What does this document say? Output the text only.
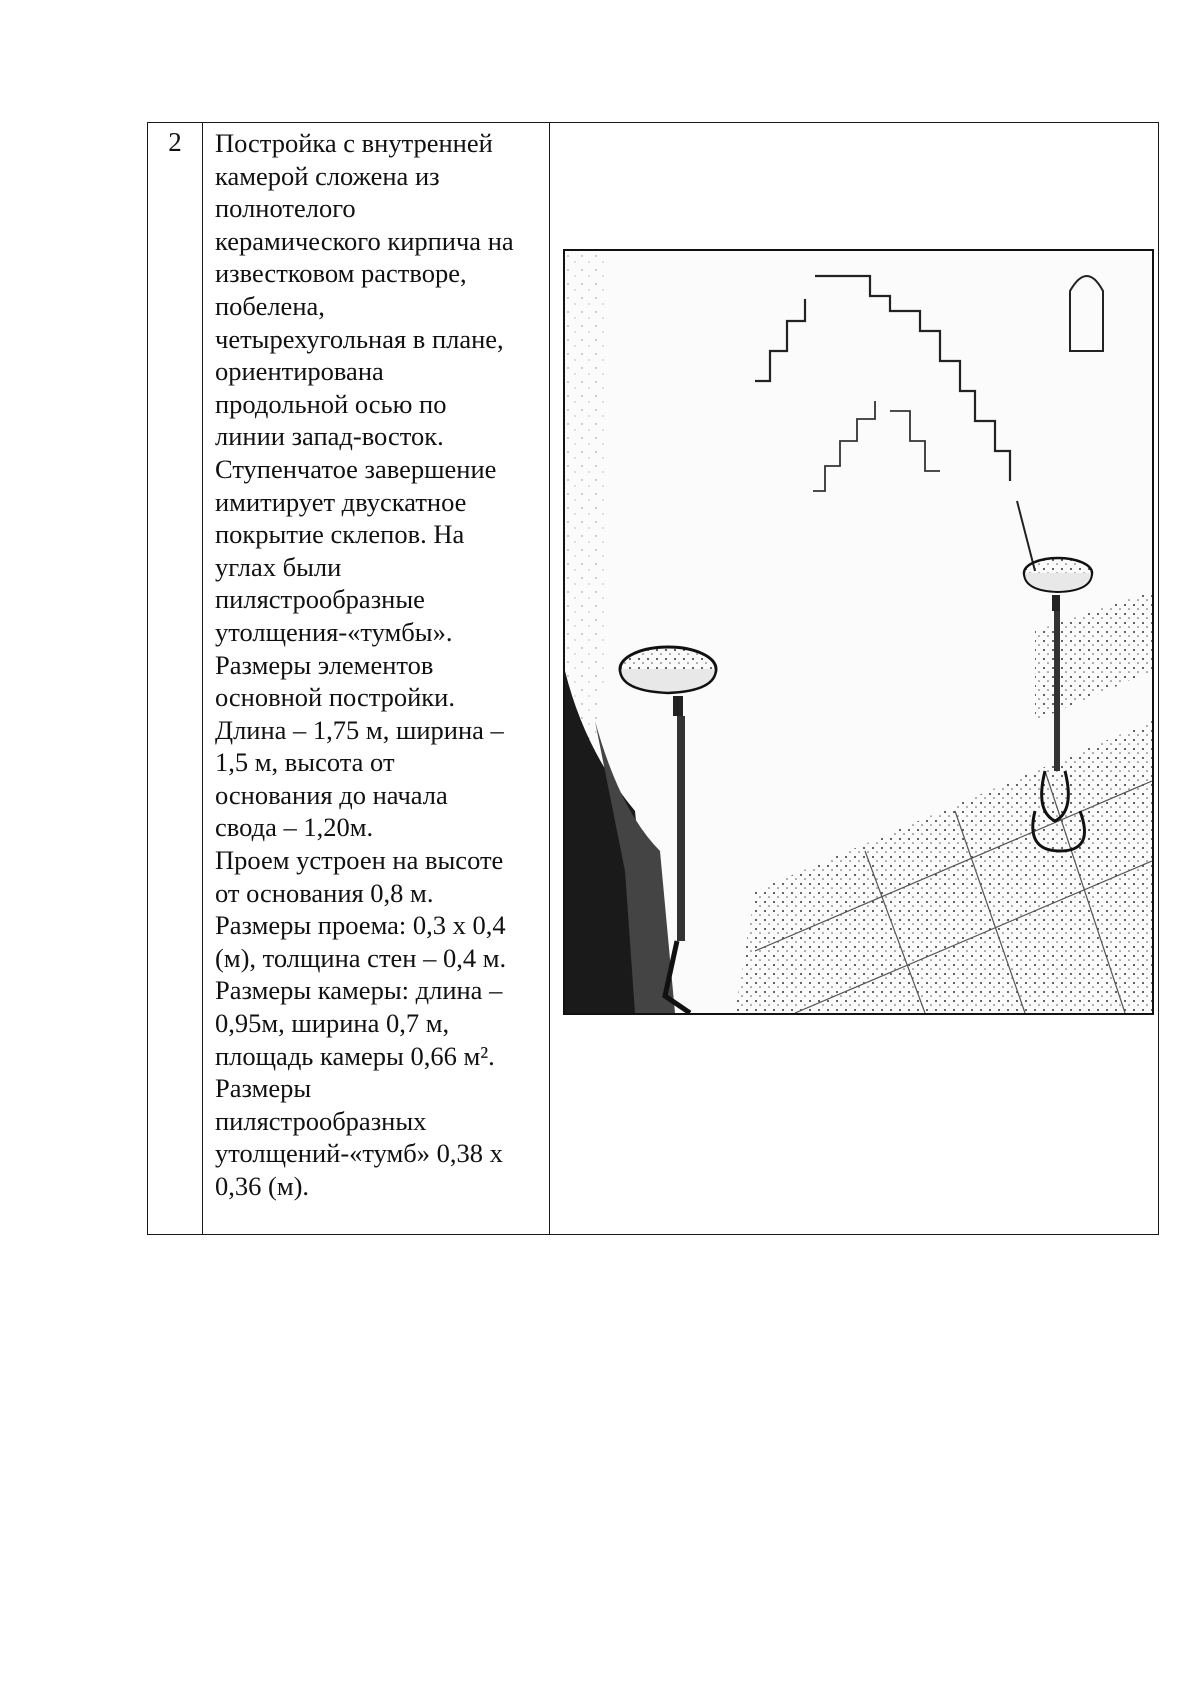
2	Постройка с внутренней
камерой сложена из
полнотелого
керамического кирпича на
известковом растворе,
побелена,
четырехугольная в плане,
ориентирована
продольной осью по
линии запад-восток.
Ступенчатое завершение
имитирует двускатное
покрытие склепов. На
углах были
пилястрообразные
утолщения-«тумбы».
Размеры элементов
основной постройки.
Длина – 1,75 м, ширина –
1,5 м, высота от
основания до начала
свода – 1,20м.
Проем устроен на высоте
от основания 0,8 м.
Размеры проема: 0,3 х 0,4
(м), толщина стен – 0,4 м.
Размеры камеры: длина –
0,95м, ширина 0,7 м,
площадь камеры 0,66 м².
Размеры
пилястрообразных
утолщений-«тумб» 0,38 х
0,36 (м).
